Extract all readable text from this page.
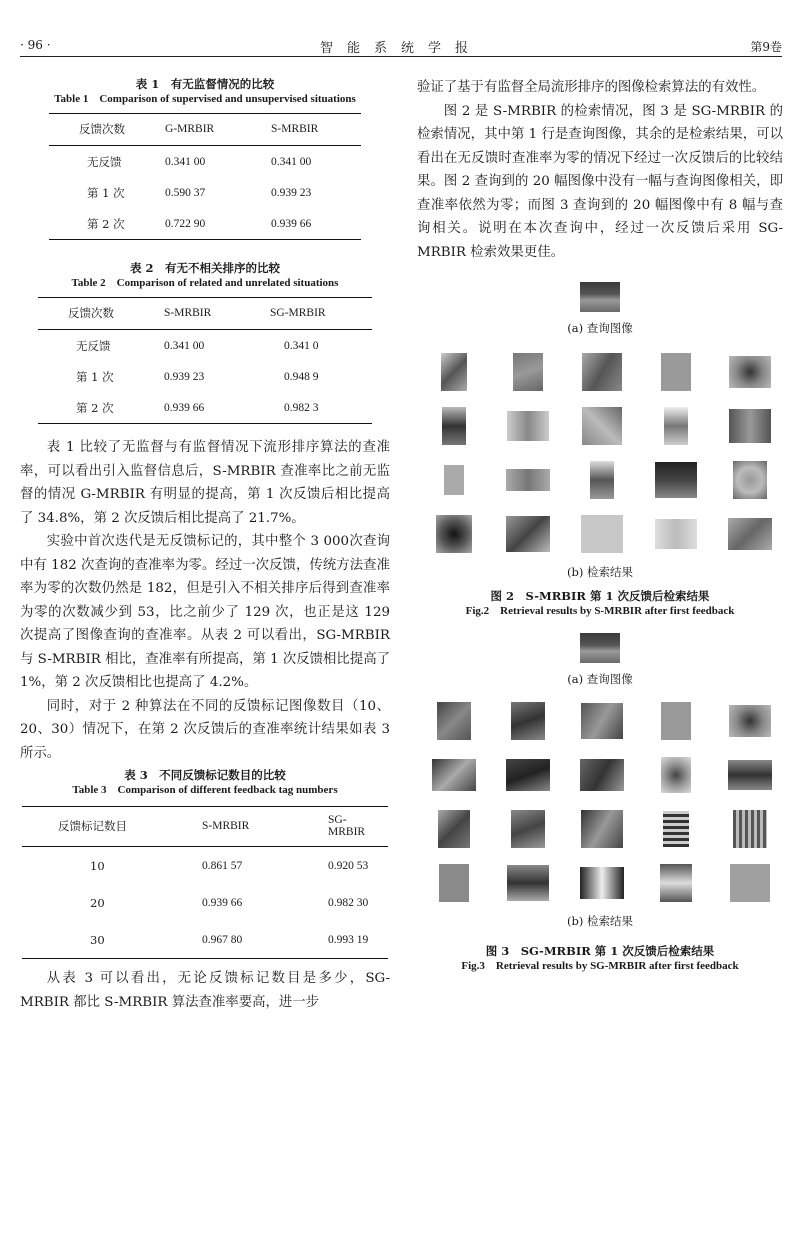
· 96 ·	智能系统学报	第9卷
表 1　有无监督情况的比较
Table 1　Comparison of supervised and unsupervised situations
反馈次数	G-MRBIR	S-MRBIR
无反馈	0.341 00	0.341 00
第 1 次	0.590 37	0.939 23
第 2 次	0.722 90	0.939 66
表 2　有无不相关排序的比较
Table 2　Comparison of related and unrelated situations
反馈次数	S-MRBIR	SG-MRBIR
无反馈	0.341 00	0.341 0
第 1 次	0.939 23	0.948 9
第 2 次	0.939 66	0.982 3

表 1 比较了无监督与有监督情况下流形排序算法的查准率，可以看出引入监督信息后，S-MRBIR 查准率比之前无监督的情况 G-MRBIR 有明显的提高，第 1 次反馈后相比提高了 34.8%，第 2 次反馈后相比提高了 21.7%。

实验中首次迭代是无反馈标记的，其中整个 3 000次查询中有 182 次查询的查准率为零。经过一次反馈，传统方法查准率为零的次数仍然是 182，但是引入不相关排序后得到查准率为零的次数减少到 53，比之前少了 129 次，也正是这 129 次提高了图像查询的查准率。从表 2 可以看出，SG-MRBIR 与 S-MRBIR 相比，查准率有所提高，第 1 次反馈相比提高了 1%，第 2 次反馈相比也提高了 4.2%。

同时，对于 2 种算法在不同的反馈标记图像数目（10、20、30）情况下，在第 2 次反馈后的查准率统计结果如表 3 所示。

表 3　不同反馈标记数目的比较
Table 3　Comparison of different feedback tag numbers
反馈标记数目	S-MRBIR	SG-MRBIR
10	0.861 57	0.920 53
20	0.939 66	0.982 30
30	0.967 80	0.993 19

从表 3 可以看出，无论反馈标记数目是多少，SG-MRBIR 都比 S-MRBIR 算法查准率要高，进一步

验证了基于有监督全局流形排序的图像检索算法的有效性。

图 2 是 S-MRBIR 的检索情况，图 3 是 SG-MRBIR 的检索情况，其中第 1 行是查询图像，其余的是检索结果，可以看出在无反馈时查准率为零的情况下经过一次反馈后的比较结果。图 2 查询到的 20 幅图像中没有一幅与查询图像相关，即查准率依然为零；而图 3 查询到的 20 幅图像中有 8 幅与查询相关。说明在本次查询中，经过一次反馈后采用 SG-MRBIR 检索效果更佳。

(a) 查询图像
(b) 检索结果
图 2　S-MRBIR 第 1 次反馈后检索结果
Fig.2　Retrieval results by S-MRBIR after first feedback
(a) 查询图像
(b) 检索结果
图 3　SG-MRBIR 第 1 次反馈后检索结果
Fig.3　Retrieval results by SG-MRBIR after first feedback
